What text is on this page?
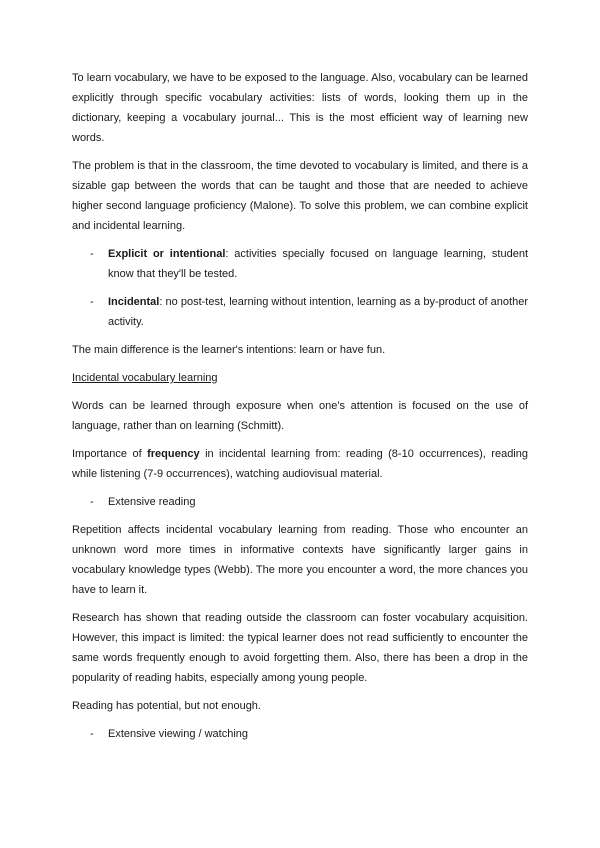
To learn vocabulary, we have to be exposed to the language. Also, vocabulary can be learned explicitly through specific vocabulary activities: lists of words, looking them up in the dictionary, keeping a vocabulary journal... This is the most efficient way of learning new words.

The problem is that in the classroom, the time devoted to vocabulary is limited, and there is a sizable gap between the words that can be taught and those that are needed to achieve higher second language proficiency (Malone). To solve this problem, we can combine explicit and incidental learning.

-	Explicit or intentional: activities specially focused on language learning, student know that they'll be tested.
-	Incidental: no post-test, learning without intention, learning as a by-product of another activity.

The main difference is the learner's intentions: learn or have fun.

Incidental vocabulary learning

Words can be learned through exposure when one's attention is focused on the use of language, rather than on learning (Schmitt).

Importance of frequency in incidental learning from: reading (8-10 occurrences), reading while listening (7-9 occurrences), watching audiovisual material.

-	Extensive reading

Repetition affects incidental vocabulary learning from reading. Those who encounter an unknown word more times in informative contexts have significantly larger gains in vocabulary knowledge types (Webb). The more you encounter a word, the more chances you have to learn it.

Research has shown that reading outside the classroom can foster vocabulary acquisition. However, this impact is limited: the typical learner does not read sufficiently to encounter the same words frequently enough to avoid forgetting them. Also, there has been a drop in the popularity of reading habits, especially among young people.

Reading has potential, but not enough.

-	Extensive viewing / watching
